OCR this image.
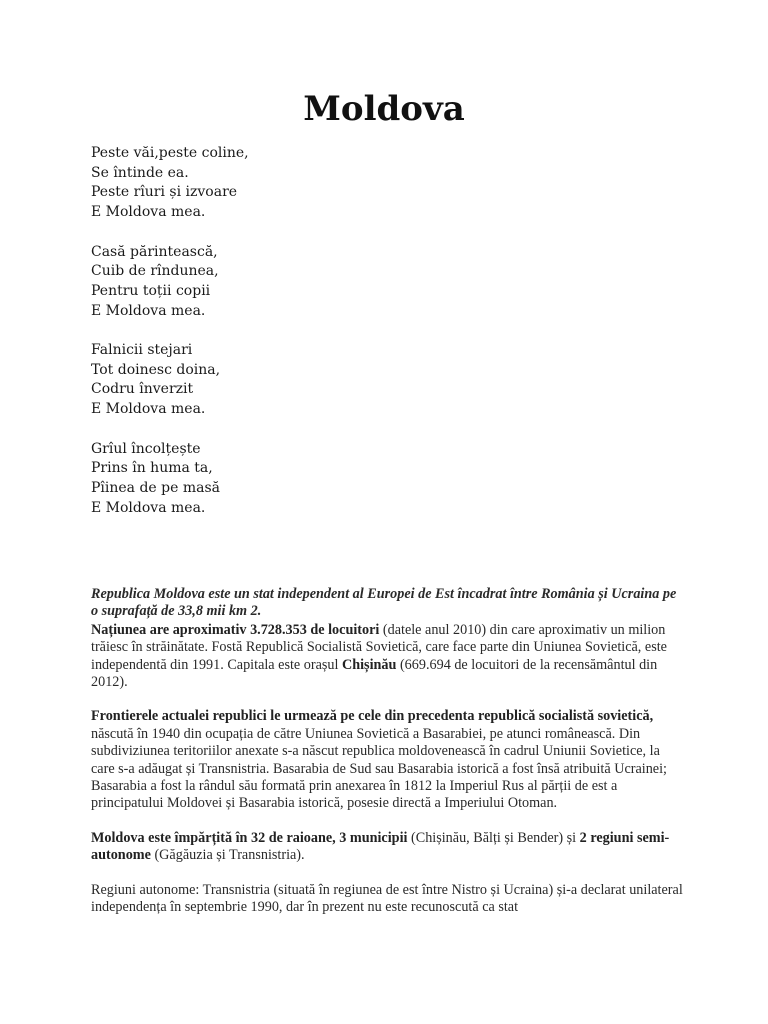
Moldova
Peste văi,peste coline,
Se întinde ea.
Peste rîuri și izvoare
E Moldova mea.
Casă părintească,
Cuib de rîndunea,
Pentru toții copii
E Moldova mea.
Falnicii stejari
Tot doinesc doina,
Codru înverzit
E Moldova mea.
Grîul încolțește
Prins în huma ta,
Pîinea de pe masă
E Moldova mea.

Republica Moldova este un stat independent al Europei de Est încadrat între România și Ucraina pe o suprafață de 33,8 mii km 2.

Națiunea are aproximativ 3.728.353 de locuitori (datele anul 2010) din care aproximativ un milion trăiesc în străinătate. Fostă Republică Socialistă Sovietică, care face parte din Uniunea Sovietică, este independentă din 1991. Capitala este orașul Chișinău (669.694 de locuitori de la recensământul din 2012).

Frontierele actualei republici le urmează pe cele din precedenta republică socialistă sovietică, născută în 1940 din ocupația de către Uniunea Sovietică a Basarabiei, pe atunci românească. Din subdiviziunea teritoriilor anexate s-a născut republica moldovenească în cadrul Uniunii Sovietice, la care s-a adăugat și Transnistria. Basarabia de Sud sau Basarabia istorică a fost însă atribuită Ucrainei; Basarabia a fost la rândul său formată prin anexarea în 1812 la Imperiul Rus al părții de est a principatului Moldovei și Basarabia istorică, posesie directă a Imperiului Otoman.

Moldova este împărțită în 32 de raioane, 3 municipii (Chișinău, Bălți și Bender) și 2 regiuni semi-autonome (Găgăuzia și Transnistria).

Regiuni autonome: Transnistria (situată în regiunea de est între Nistro și Ucraina) și-a declarat unilateral independența în septembrie 1990, dar în prezent nu este recunoscută ca stat
